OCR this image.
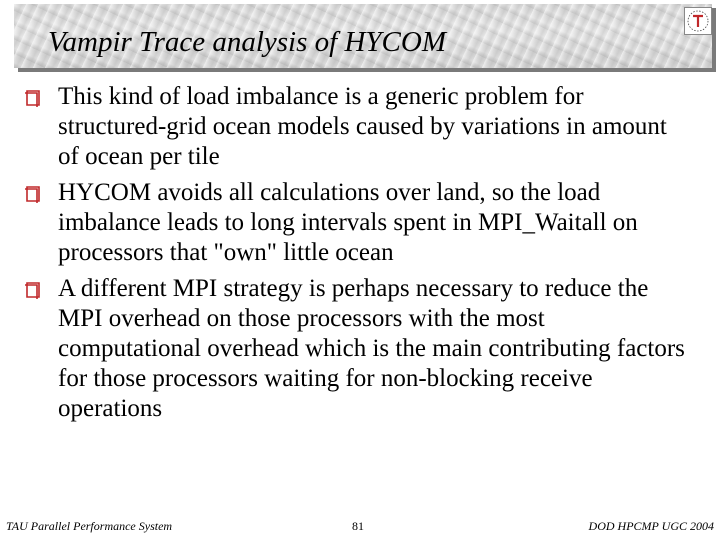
Vampir Trace analysis of HYCOM
This kind of load imbalance is a generic problem for structured-grid ocean models caused by variations in amount of ocean per tile
HYCOM avoids all calculations over land, so the load imbalance leads to long intervals spent in MPI_Waitall on processors that "own" little ocean
A different MPI strategy is perhaps necessary to reduce the MPI overhead on those processors with the most computational overhead which is the main contributing factors for those processors waiting for non-blocking receive operations
TAU Parallel Performance System	81	DOD HPCMP UGC 2004
